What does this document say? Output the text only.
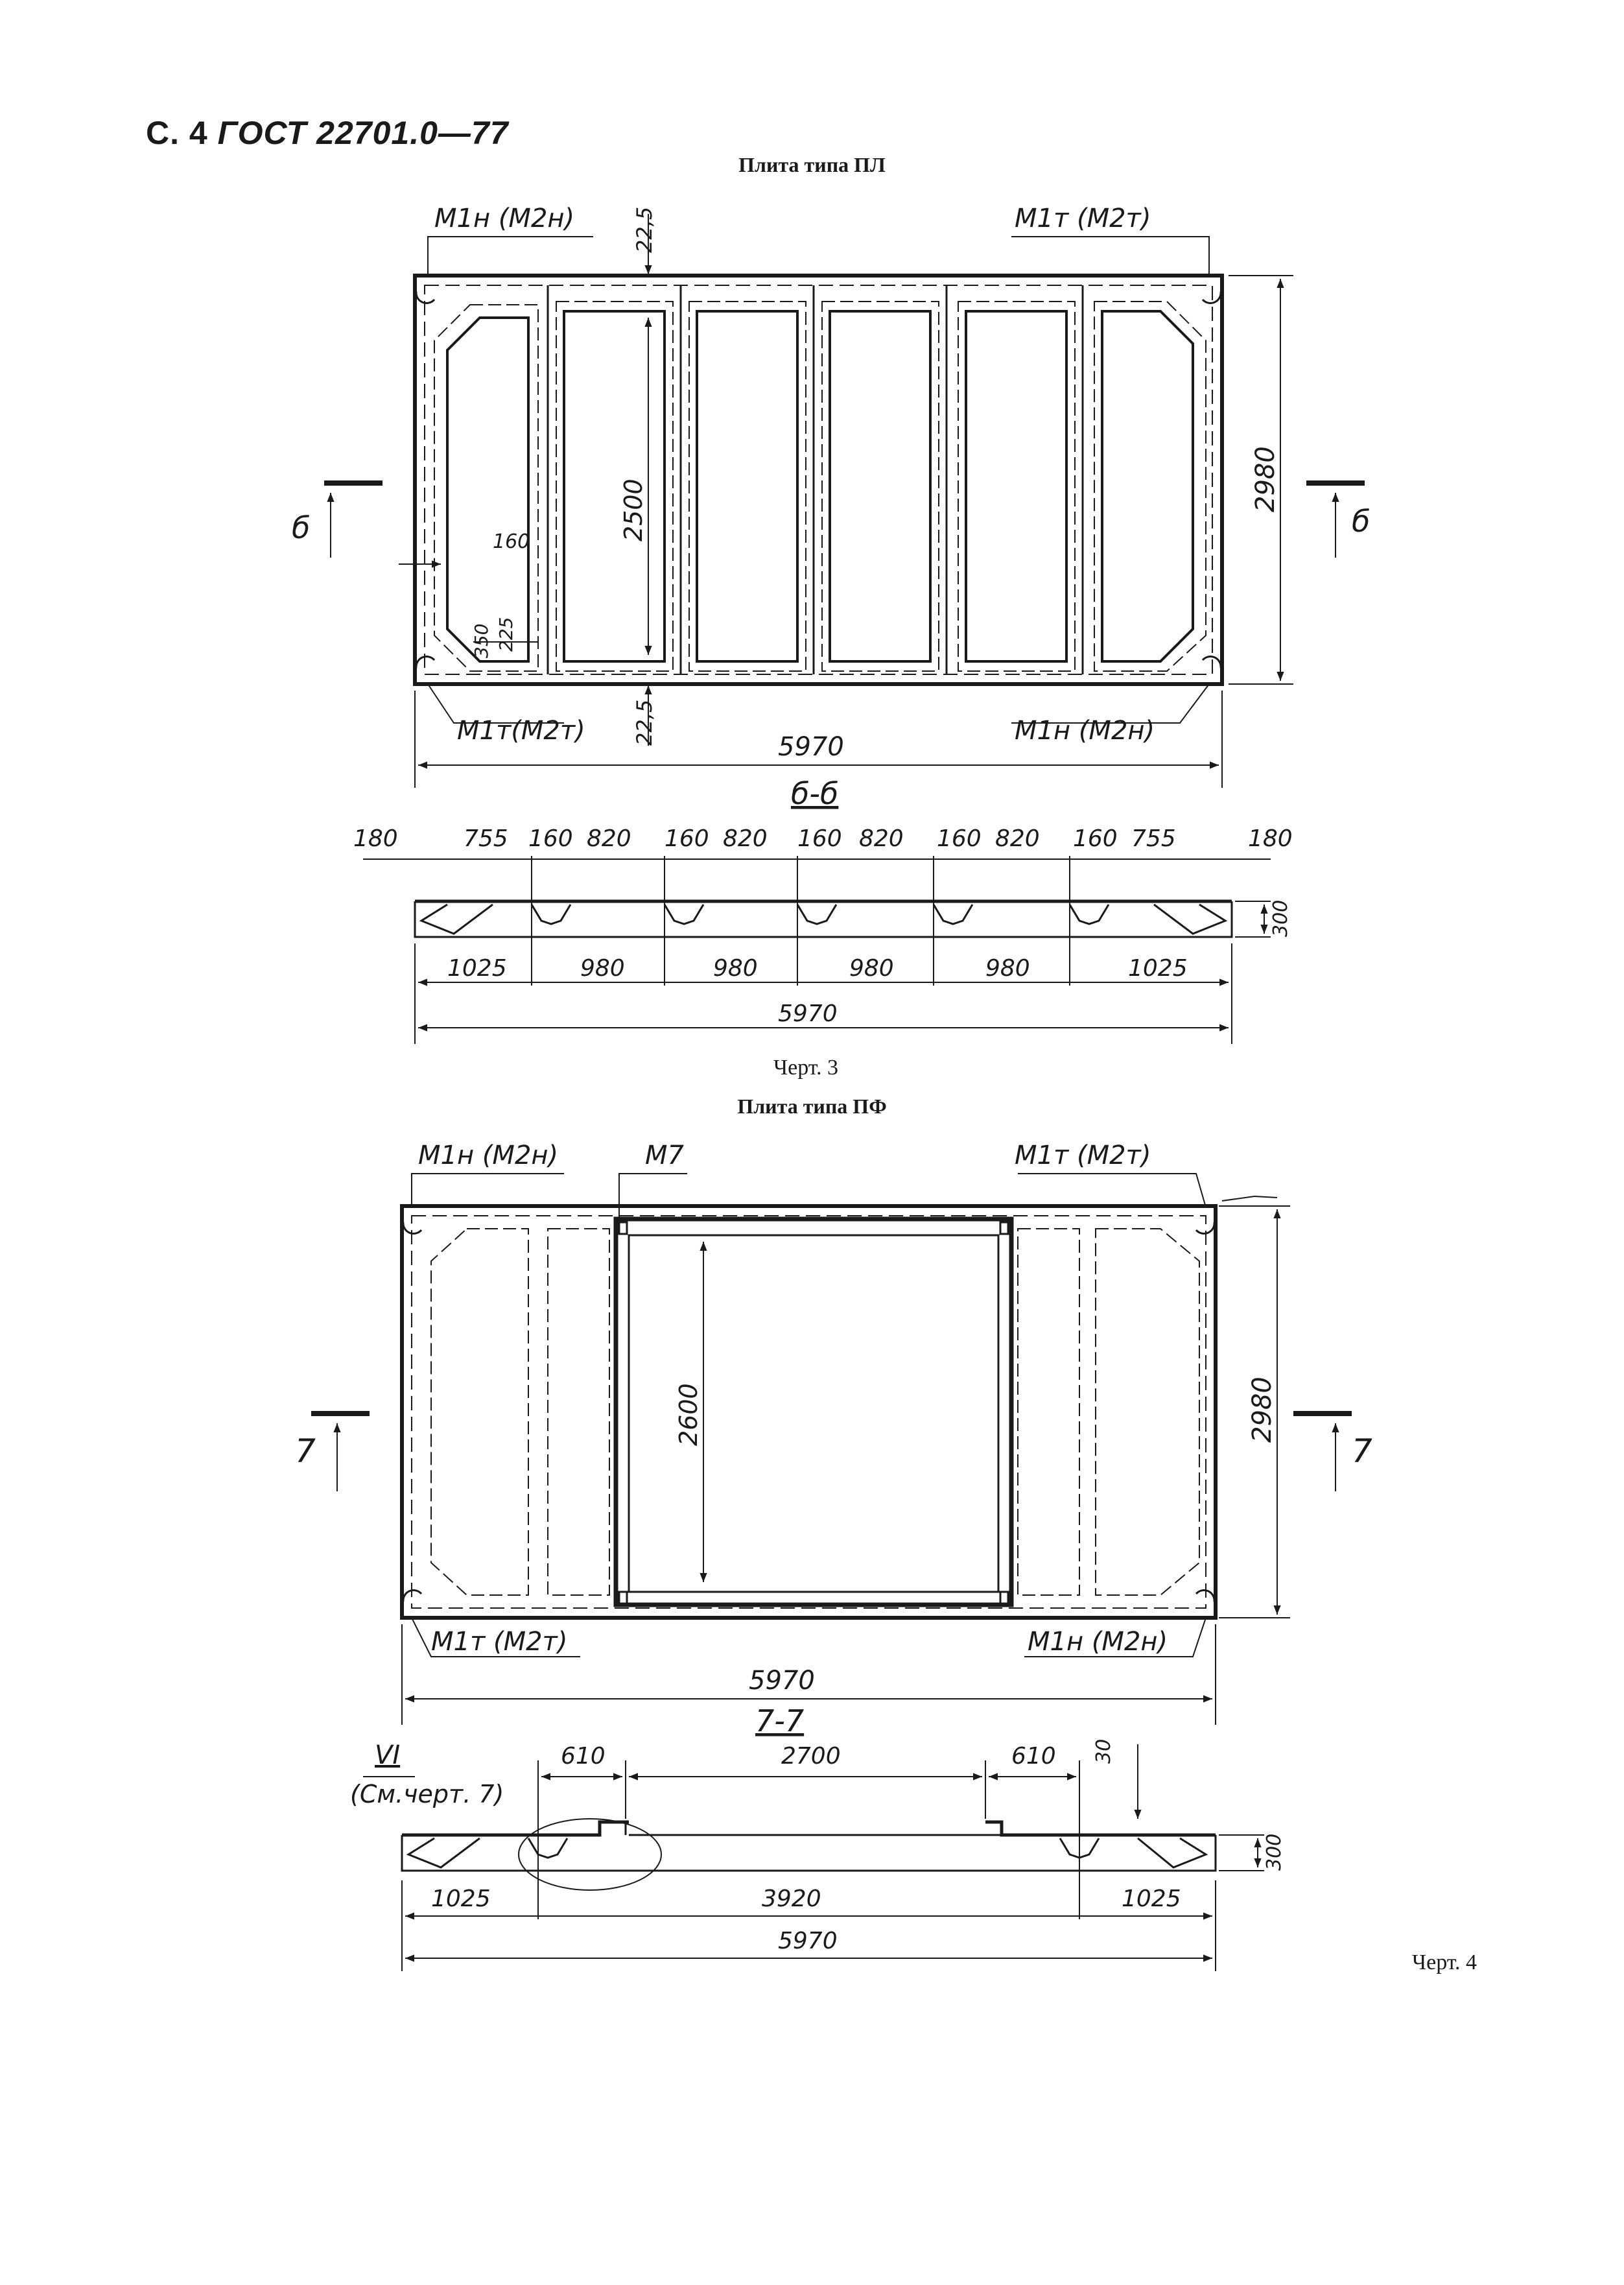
С. 4 ГОСТ 22701.0—77
Плита типа ПЛ
Черт. 3
Плита типа ПФ
Черт. 4
M1н (M2н)	M1т (M2т)
M1т(M2т)	M1н (M2н)
22,5
22,5
2500	2980
5970
160
350 225
б	б
б-б
180	755 160 820 160 820 160 820 160 820 160 755	180
1025	980	980	980	980	1025
5970
300
M1н (M2н)	M7	M1т (M2т)
M1т (M2т)	M1н (M2н)
2600	2980
5970
7	7
7-7
VI
(См.черт. 7)
610	2700	610 30
1025	3920	1025
5970
300
